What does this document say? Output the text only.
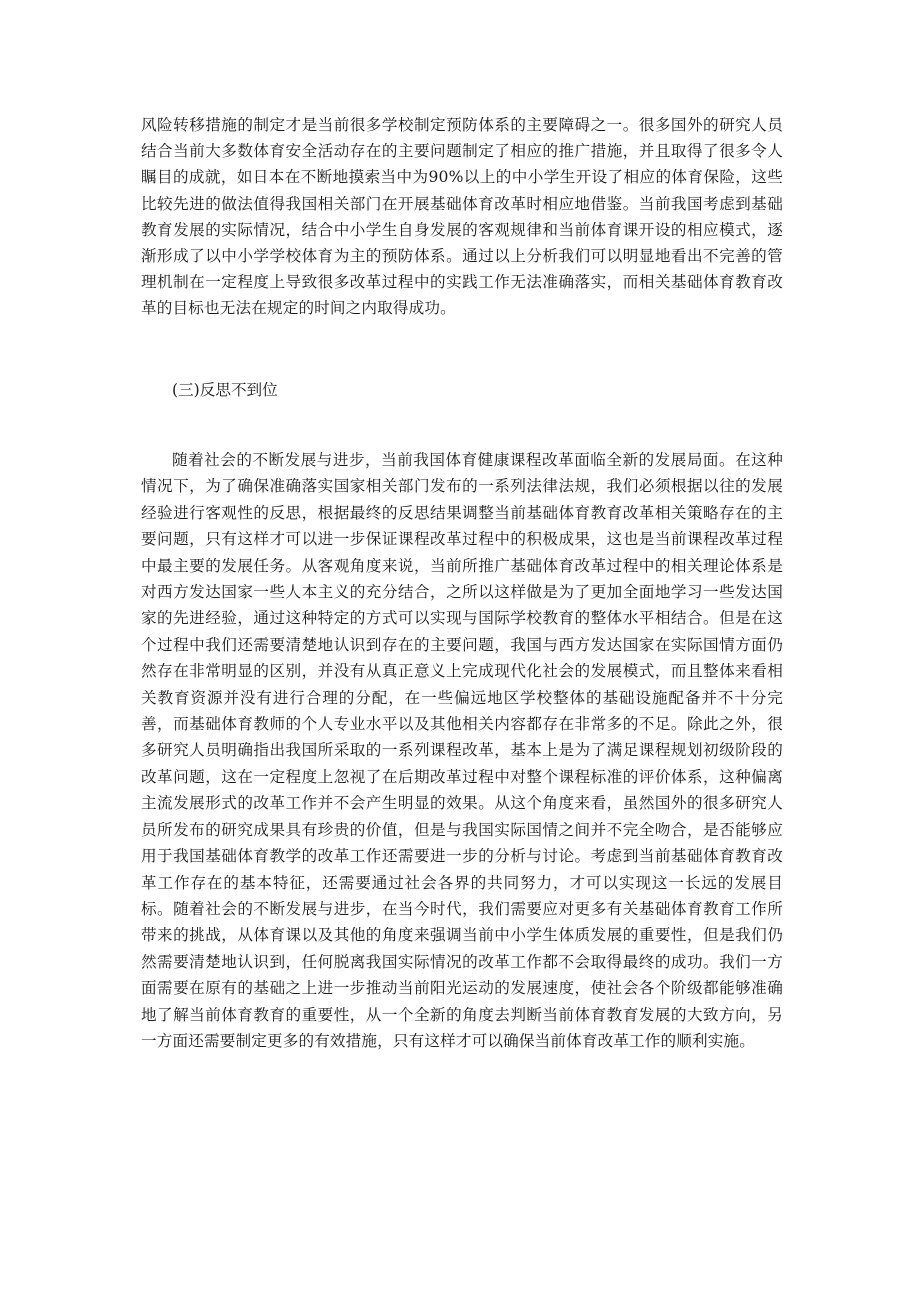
风险转移措施的制定才是当前很多学校制定预防体系的主要障碍之一。很多国外的研究人员结合当前大多数体育安全活动存在的主要问题制定了相应的推广措施，并且取得了很多令人瞩目的成就，如日本在不断地摸索当中为90%以上的中小学生开设了相应的体育保险，这些比较先进的做法值得我国相关部门在开展基础体育改革时相应地借鉴。当前我国考虑到基础教育发展的实际情况，结合中小学生自身发展的客观规律和当前体育课开设的相应模式，逐渐形成了以中小学学校体育为主的预防体系。通过以上分析我们可以明显地看出不完善的管理机制在一定程度上导致很多改革过程中的实践工作无法准确落实，而相关基础体育教育改革的目标也无法在规定的时间之内取得成功。

(三)反思不到位

随着社会的不断发展与进步，当前我国体育健康课程改革面临全新的发展局面。在这种情况下，为了确保准确落实国家相关部门发布的一系列法律法规，我们必须根据以往的发展经验进行客观性的反思，根据最终的反思结果调整当前基础体育教育改革相关策略存在的主要问题，只有这样才可以进一步保证课程改革过程中的积极成果，这也是当前课程改革过程中最主要的发展任务。从客观角度来说，当前所推广基础体育改革过程中的相关理论体系是对西方发达国家一些人本主义的充分结合，之所以这样做是为了更加全面地学习一些发达国家的先进经验，通过这种特定的方式可以实现与国际学校教育的整体水平相结合。但是在这个过程中我们还需要清楚地认识到存在的主要问题，我国与西方发达国家在实际国情方面仍然存在非常明显的区别，并没有从真正意义上完成现代化社会的发展模式，而且整体来看相关教育资源并没有进行合理的分配，在一些偏远地区学校整体的基础设施配备并不十分完善，而基础体育教师的个人专业水平以及其他相关内容都存在非常多的不足。除此之外，很多研究人员明确指出我国所采取的一系列课程改革，基本上是为了满足课程规划初级阶段的改革问题，这在一定程度上忽视了在后期改革过程中对整个课程标准的评价体系，这种偏离主流发展形式的改革工作并不会产生明显的效果。从这个角度来看，虽然国外的很多研究人员所发布的研究成果具有珍贵的价值，但是与我国实际国情之间并不完全吻合，是否能够应用于我国基础体育教学的改革工作还需要进一步的分析与讨论。考虑到当前基础体育教育改革工作存在的基本特征，还需要通过社会各界的共同努力，才可以实现这一长远的发展目标。随着社会的不断发展与进步，在当今时代，我们需要应对更多有关基础体育教育工作所带来的挑战，从体育课以及其他的角度来强调当前中小学生体质发展的重要性，但是我们仍然需要清楚地认识到，任何脱离我国实际情况的改革工作都不会取得最终的成功。我们一方面需要在原有的基础之上进一步推动当前阳光运动的发展速度，使社会各个阶级都能够准确地了解当前体育教育的重要性，从一个全新的角度去判断当前体育教育发展的大致方向，另一方面还需要制定更多的有效措施，只有这样才可以确保当前体育改革工作的顺利实施。
